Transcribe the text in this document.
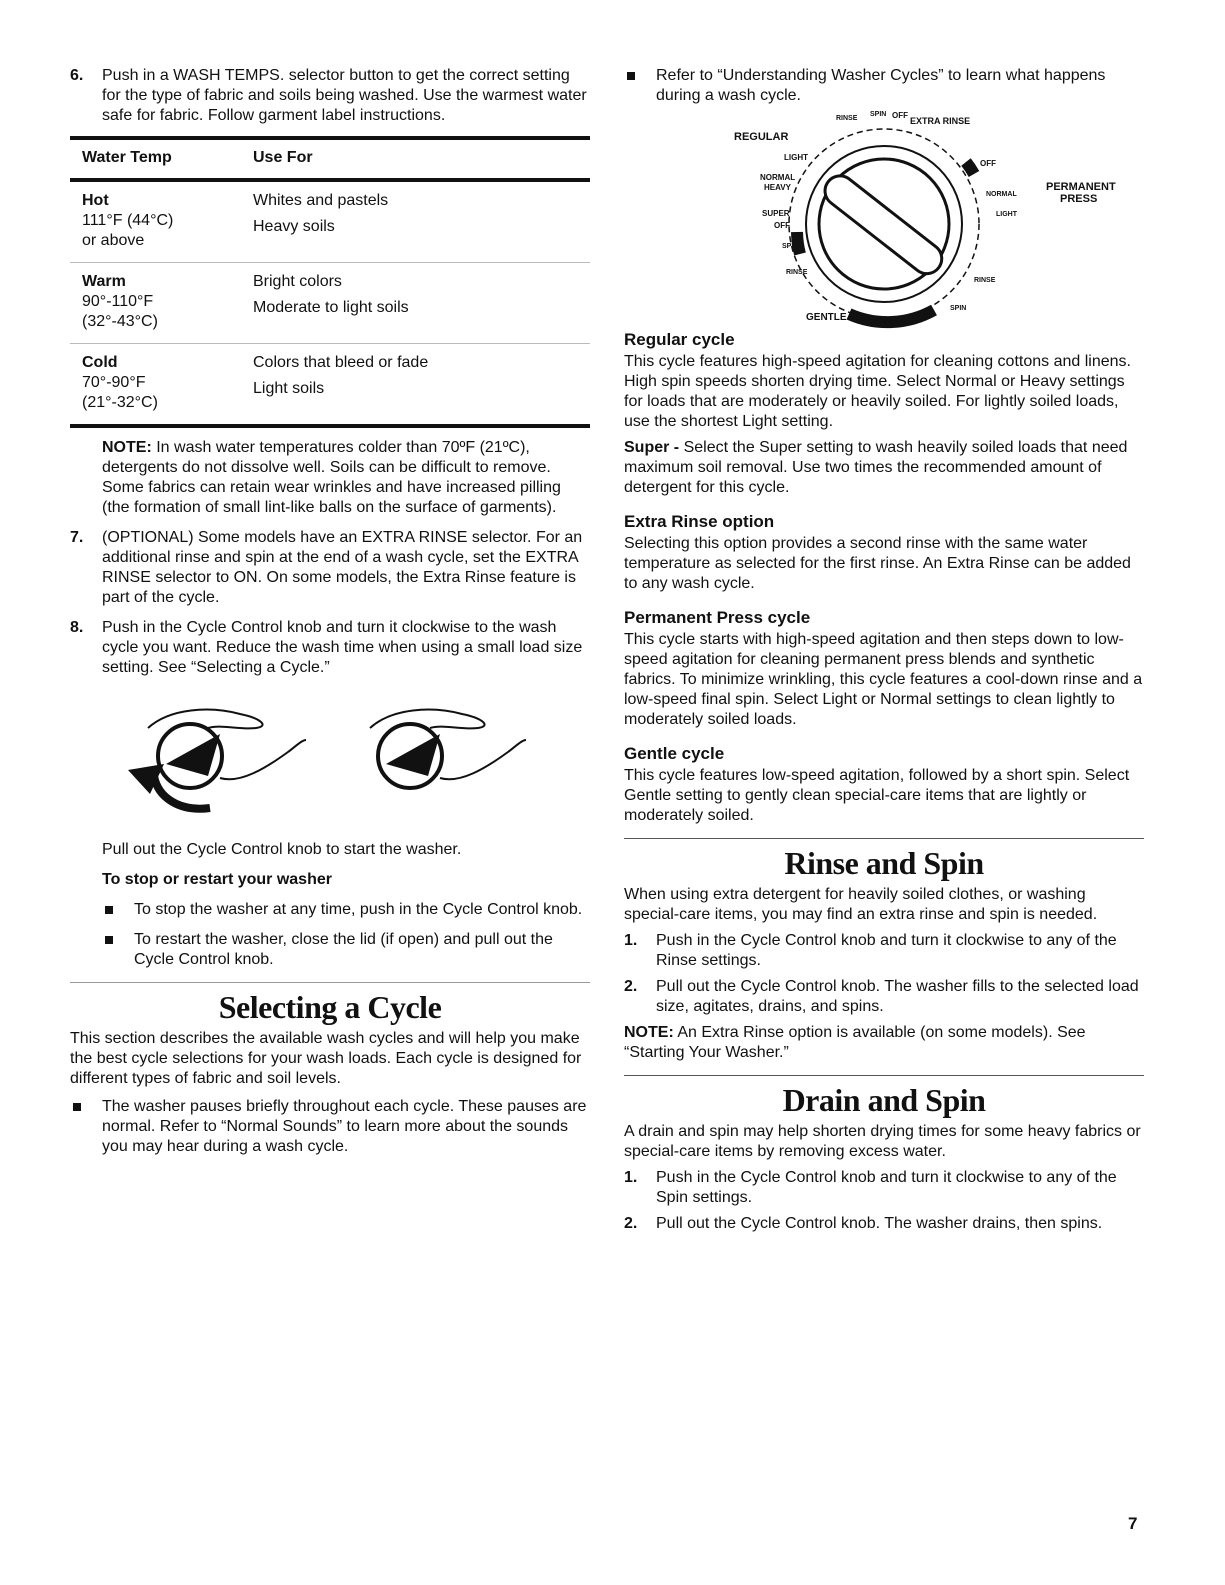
6. Push in a WASH TEMPS. selector button to get the correct setting for the type of fabric and soils being washed. Use the warmest water safe for fabric. Follow garment label instructions.

Water Temp	Use For
Hot
111°F (44°C)
or above	Whites and pastels

Heavy soils

Warm
90°-110°F
(32°-43°C)	Bright colors

Moderate to light soils

Cold
70°-90°F
(21°-32°C)	Colors that bleed or fade

Light soils

NOTE: In wash water temperatures colder than 70ºF (21ºC), detergents do not dissolve well. Soils can be difficult to remove. Some fabrics can retain wear wrinkles and have increased pilling (the formation of small lint-like balls on the surface of garments).

7. (OPTIONAL) Some models have an EXTRA RINSE selector. For an additional rinse and spin at the end of a wash cycle, set the EXTRA RINSE selector to ON. On some models, the Extra Rinse feature is part of the cycle.

8. Push in the Cycle Control knob and turn it clockwise to the wash cycle you want. Reduce the wash time when using a small load size setting. See “Selecting a Cycle.”

Pull out the Cycle Control knob to start the washer.

To stop or restart your washer

To stop the washer at any time, push in the Cycle Control knob.
To restart the washer, close the lid (if open) and pull out the Cycle Control knob.
Selecting a Cycle

This section describes the available wash cycles and will help you make the best cycle selections for your wash loads. Each cycle is designed for different types of fabric and soil levels.

The washer pauses briefly throughout each cycle. These pauses are normal. Refer to “Normal Sounds” to learn more about the sounds you may hear during a wash cycle.
Refer to “Understanding Washer Cycles” to learn what happens during a wash cycle.
REGULAR
LIGHT
NORMAL
HEAVY
SUPER
OFF
SPIN
RINSE
RINSE
SPIN OFF
EXTRA RINSE
OFF
NORMAL
LIGHT
RINSE
SPIN
PERMANENT
PRESS
GENTLE	OFF
Regular cycle

This cycle features high-speed agitation for cleaning cottons and linens. High spin speeds shorten drying time. Select Normal or Heavy settings for loads that are moderately or heavily soiled. For lightly soiled loads, use the shortest Light setting.

Super - Select the Super setting to wash heavily soiled loads that need maximum soil removal. Use two times the recommended amount of detergent for this cycle.

Extra Rinse option

Selecting this option provides a second rinse with the same water temperature as selected for the first rinse. An Extra Rinse can be added to any wash cycle.

Permanent Press cycle

This cycle starts with high-speed agitation and then steps down to low-speed agitation for cleaning permanent press blends and synthetic fabrics. To minimize wrinkling, this cycle features a cool-down rinse and a low-speed final spin. Select Light or Normal settings to clean lightly to moderately soiled loads.

Gentle cycle

This cycle features low-speed agitation, followed by a short spin. Select Gentle setting to gently clean special-care items that are lightly or moderately soiled.

Rinse and Spin

When using extra detergent for heavily soiled clothes, or washing special-care items, you may find an extra rinse and spin is needed.

1. Push in the Cycle Control knob and turn it clockwise to any of the Rinse settings.

2. Pull out the Cycle Control knob. The washer fills to the selected load size, agitates, drains, and spins.

NOTE: An Extra Rinse option is available (on some models). See “Starting Your Washer.”

Drain and Spin

A drain and spin may help shorten drying times for some heavy fabrics or special-care items by removing excess water.

1. Push in the Cycle Control knob and turn it clockwise to any of the Spin settings.

2. Pull out the Cycle Control knob. The washer drains, then spins.

7
